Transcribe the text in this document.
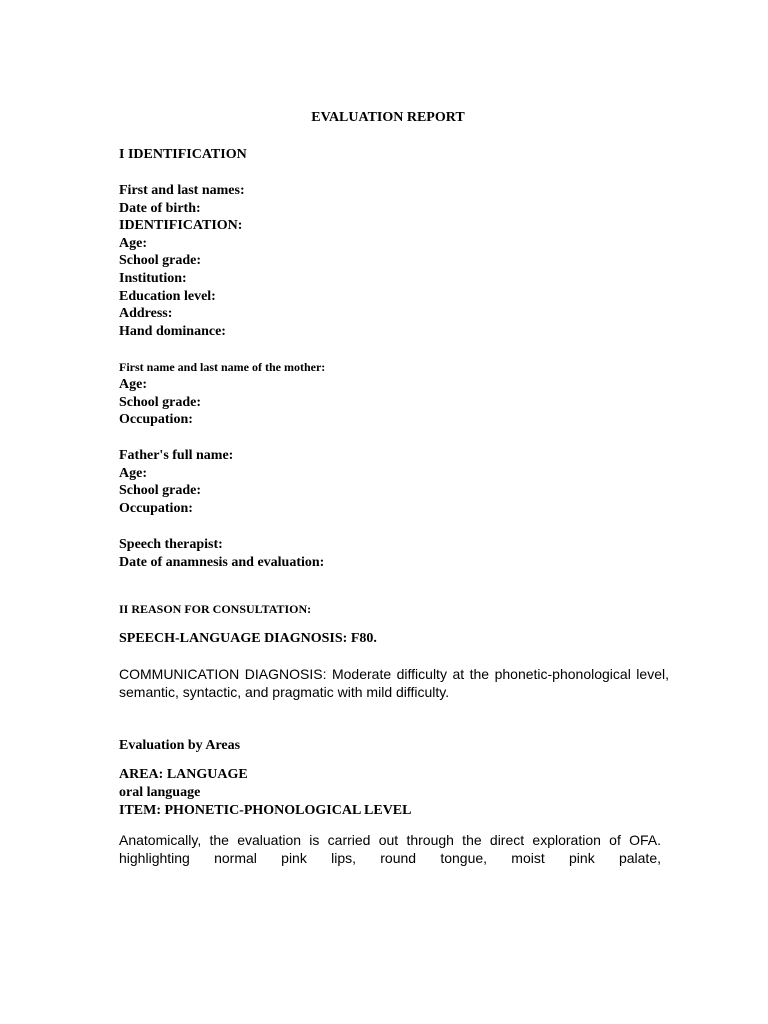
EVALUATION REPORT
I IDENTIFICATION
First and last names:
Date of birth:
IDENTIFICATION:
Age:
School grade:
Institution:
Education level:
Address:
Hand dominance:
First name and last name of the mother:
Age:
School grade:
Occupation:
Father's full name:
Age:
School grade:
Occupation:
Speech therapist:
Date of anamnesis and evaluation:
II REASON FOR CONSULTATION:
SPEECH-LANGUAGE DIAGNOSIS: F80.
COMMUNICATION DIAGNOSIS: Moderate difficulty at the phonetic-phonological level, semantic, syntactic, and pragmatic with mild difficulty.
Evaluation by Areas
AREA: LANGUAGE
oral language
ITEM: PHONETIC-PHONOLOGICAL LEVEL
Anatomically, the evaluation is carried out through the direct exploration of OFA. highlighting normal pink lips, round tongue, moist pink palate,
